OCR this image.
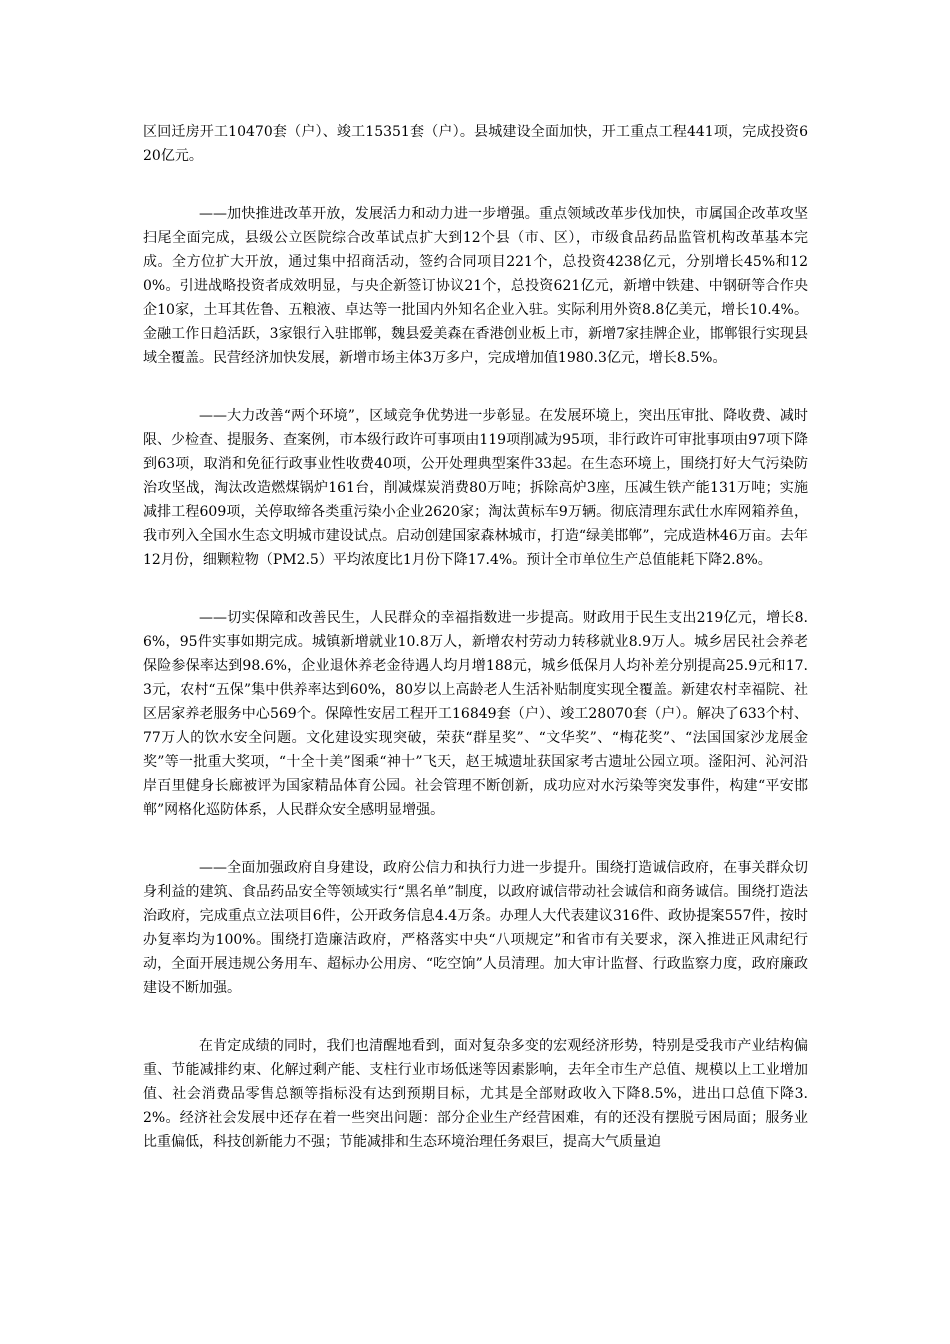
区回迁房开工10470套（户）、竣工15351套（户）。县城建设全面加快，开工重点工程441项，完成投资620亿元。

——加快推进改革开放，发展活力和动力进一步增强。重点领域改革步伐加快，市属国企改革攻坚扫尾全面完成，县级公立医院综合改革试点扩大到12个县（市、区），市级食品药品监管机构改革基本完成。全方位扩大开放，通过集中招商活动，签约合同项目221个，总投资4238亿元，分别增长45%和120%。引进战略投资者成效明显，与央企新签订协议21个，总投资621亿元，新增中铁建、中钢研等合作央企10家，土耳其佐鲁、五粮液、卓达等一批国内外知名企业入驻。实际利用外资8.8亿美元，增长10.4%。金融工作日趋活跃，3家银行入驻邯郸，魏县爱美森在香港创业板上市，新增7家挂牌企业，邯郸银行实现县域全覆盖。民营经济加快发展，新增市场主体3万多户，完成增加值1980.3亿元，增长8.5%。

——大力改善“两个环境”，区域竞争优势进一步彰显。在发展环境上，突出压审批、降收费、减时限、少检查、提服务、查案例，市本级行政许可事项由119项削减为95项，非行政许可审批事项由97项下降到63项，取消和免征行政事业性收费40项，公开处理典型案件33起。在生态环境上，围绕打好大气污染防治攻坚战，淘汰改造燃煤锅炉161台，削减煤炭消费80万吨；拆除高炉3座，压减生铁产能131万吨；实施减排工程609项，关停取缔各类重污染小企业2620家；淘汰黄标车9万辆。彻底清理东武仕水库网箱养鱼，我市列入全国水生态文明城市建设试点。启动创建国家森林城市，打造“绿美邯郸”，完成造林46万亩。去年12月份，细颗粒物（PM2.5）平均浓度比1月份下降17.4%。预计全市单位生产总值能耗下降2.8%。

——切实保障和改善民生，人民群众的幸福指数进一步提高。财政用于民生支出219亿元，增长8.6%，95件实事如期完成。城镇新增就业10.8万人，新增农村劳动力转移就业8.9万人。城乡居民社会养老保险参保率达到98.6%，企业退休养老金待遇人均月增188元，城乡低保月人均补差分别提高25.9元和17.3元，农村“五保”集中供养率达到60%，80岁以上高龄老人生活补贴制度实现全覆盖。新建农村幸福院、社区居家养老服务中心569个。保障性安居工程开工16849套（户）、竣工28070套（户）。解决了633个村、77万人的饮水安全问题。文化建设实现突破，荣获“群星奖”、“文华奖”、“梅花奖”、“法国国家沙龙展金奖”等一批重大奖项，“十全十美”图乘“神十”飞天，赵王城遗址获国家考古遗址公园立项。滏阳河、沁河沿岸百里健身长廊被评为国家精品体育公园。社会管理不断创新，成功应对水污染等突发事件，构建“平安邯郸”网格化巡防体系，人民群众安全感明显增强。

——全面加强政府自身建设，政府公信力和执行力进一步提升。围绕打造诚信政府，在事关群众切身利益的建筑、食品药品安全等领域实行“黑名单”制度，以政府诚信带动社会诚信和商务诚信。围绕打造法治政府，完成重点立法项目6件，公开政务信息4.4万条。办理人大代表建议316件、政协提案557件，按时办复率均为100%。围绕打造廉洁政府，严格落实中央“八项规定”和省市有关要求，深入推进正风肃纪行动，全面开展违规公务用车、超标办公用房、“吃空饷”人员清理。加大审计监督、行政监察力度，政府廉政建设不断加强。

在肯定成绩的同时，我们也清醒地看到，面对复杂多变的宏观经济形势，特别是受我市产业结构偏重、节能减排约束、化解过剩产能、支柱行业市场低迷等因素影响，去年全市生产总值、规模以上工业增加值、社会消费品零售总额等指标没有达到预期目标，尤其是全部财政收入下降8.5%，进出口总值下降3.2%。经济社会发展中还存在着一些突出问题：部分企业生产经营困难，有的还没有摆脱亏困局面；服务业比重偏低，科技创新能力不强；节能减排和生态环境治理任务艰巨，提高大气质量迫
